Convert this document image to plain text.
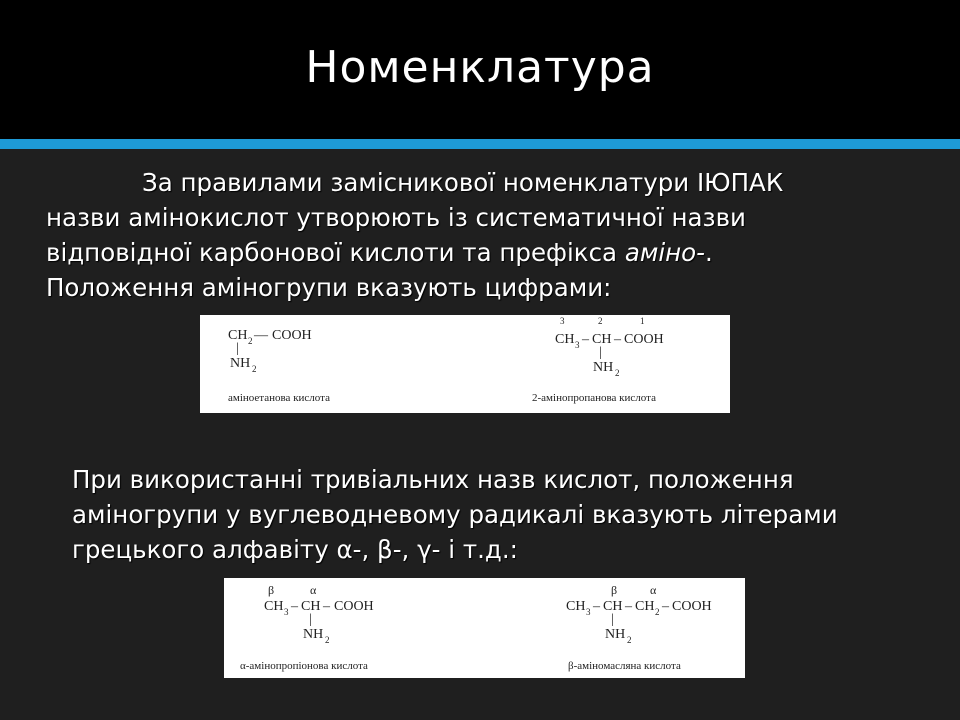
Номенклатура
За правилами замісникової номенклатури ІЮПАК
назви амінокислот утворюють із систематичної назви
відповідної карбонової кислоти та префікса аміно-.
Положення аміногрупи вказують цифрами:
CH 2 — COOH
|
NH 2
аміноетанова кислота
3	2	1
CH 3 – CH – COOH
|
NH 2
2-амінопропанова кислота
При використанні тривіальних назв кислот, положення
аміногрупи у вуглеводневому радикалі вказують літерами
грецького алфавіту α-, β-, γ- і т.д.:
β	α
CH 3 – CH – COOH
|
NH 2
α-амінопропіонова кислота
β	α
CH 3 – CH – CH 2 – COOH
|
NH 2
β-аміномасляна кислота
